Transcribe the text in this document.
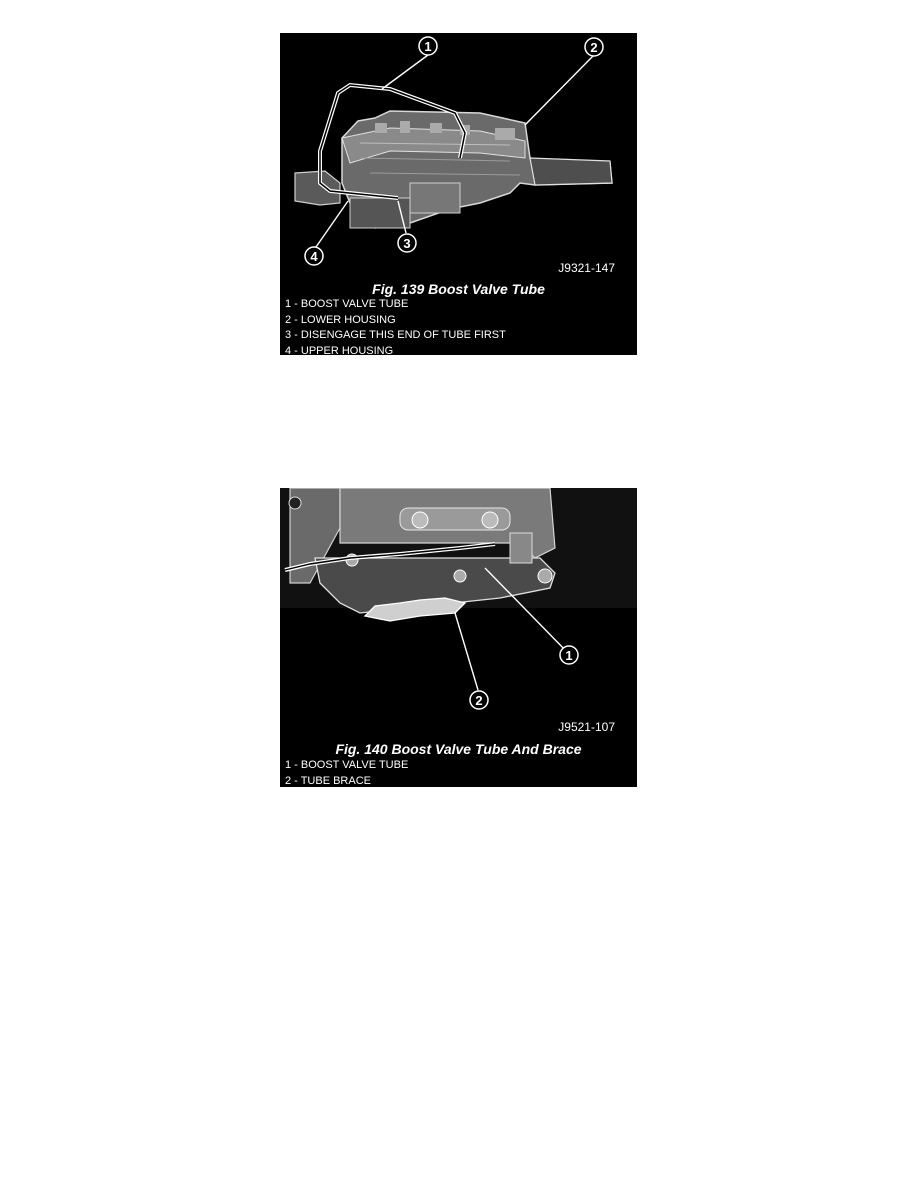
1	2
3
4
J9321-147
Fig. 139 Boost Valve Tube
1 - BOOST VALVE TUBE
2 - LOWER HOUSING
3 - DISENGAGE THIS END OF TUBE FIRST
4 - UPPER HOUSING
1
2
J9521-107
Fig. 140 Boost Valve Tube And Brace
1 - BOOST VALVE TUBE
2 - TUBE BRACE
